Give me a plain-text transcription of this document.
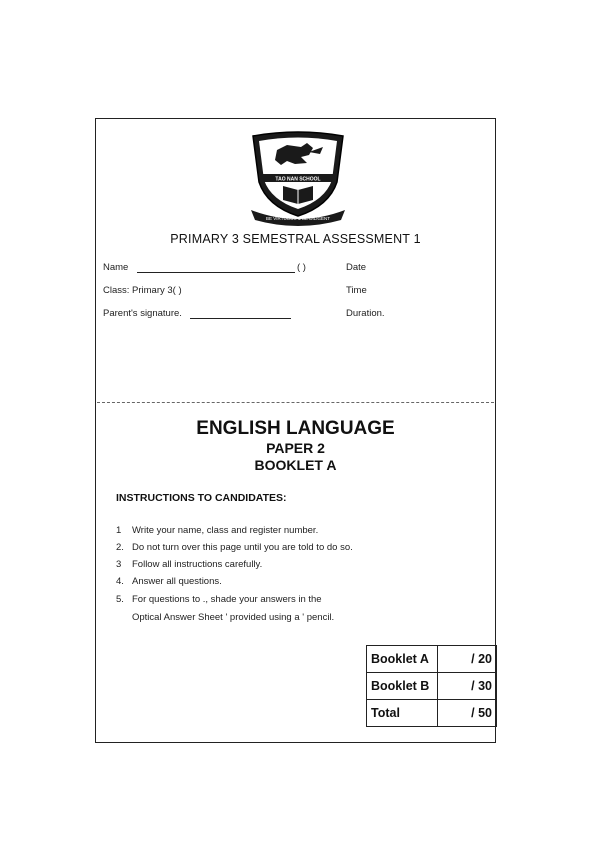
TAO NAN SCHOOL
BE VIRTUOUS & BE DILIGENT
PRIMARY 3 SEMESTRAL ASSESSMENT 1
Name	( )	Date
Class: Primary 3( )	Time
Parent's signature.	Duration.
ENGLISH LANGUAGE
PAPER 2
BOOKLET A
INSTRUCTIONS TO CANDIDATES:
1 Write your name, class and register number.
2. Do not turn over this page until you are told to do so.
3 Follow all instructions carefully.
4. Answer all questions.
5. For questions to ., shade your answers in the
Optical Answer Sheet ' provided using a ' pencil.
Booklet A	/ 20
Booklet B	/ 30
Total	/ 50
